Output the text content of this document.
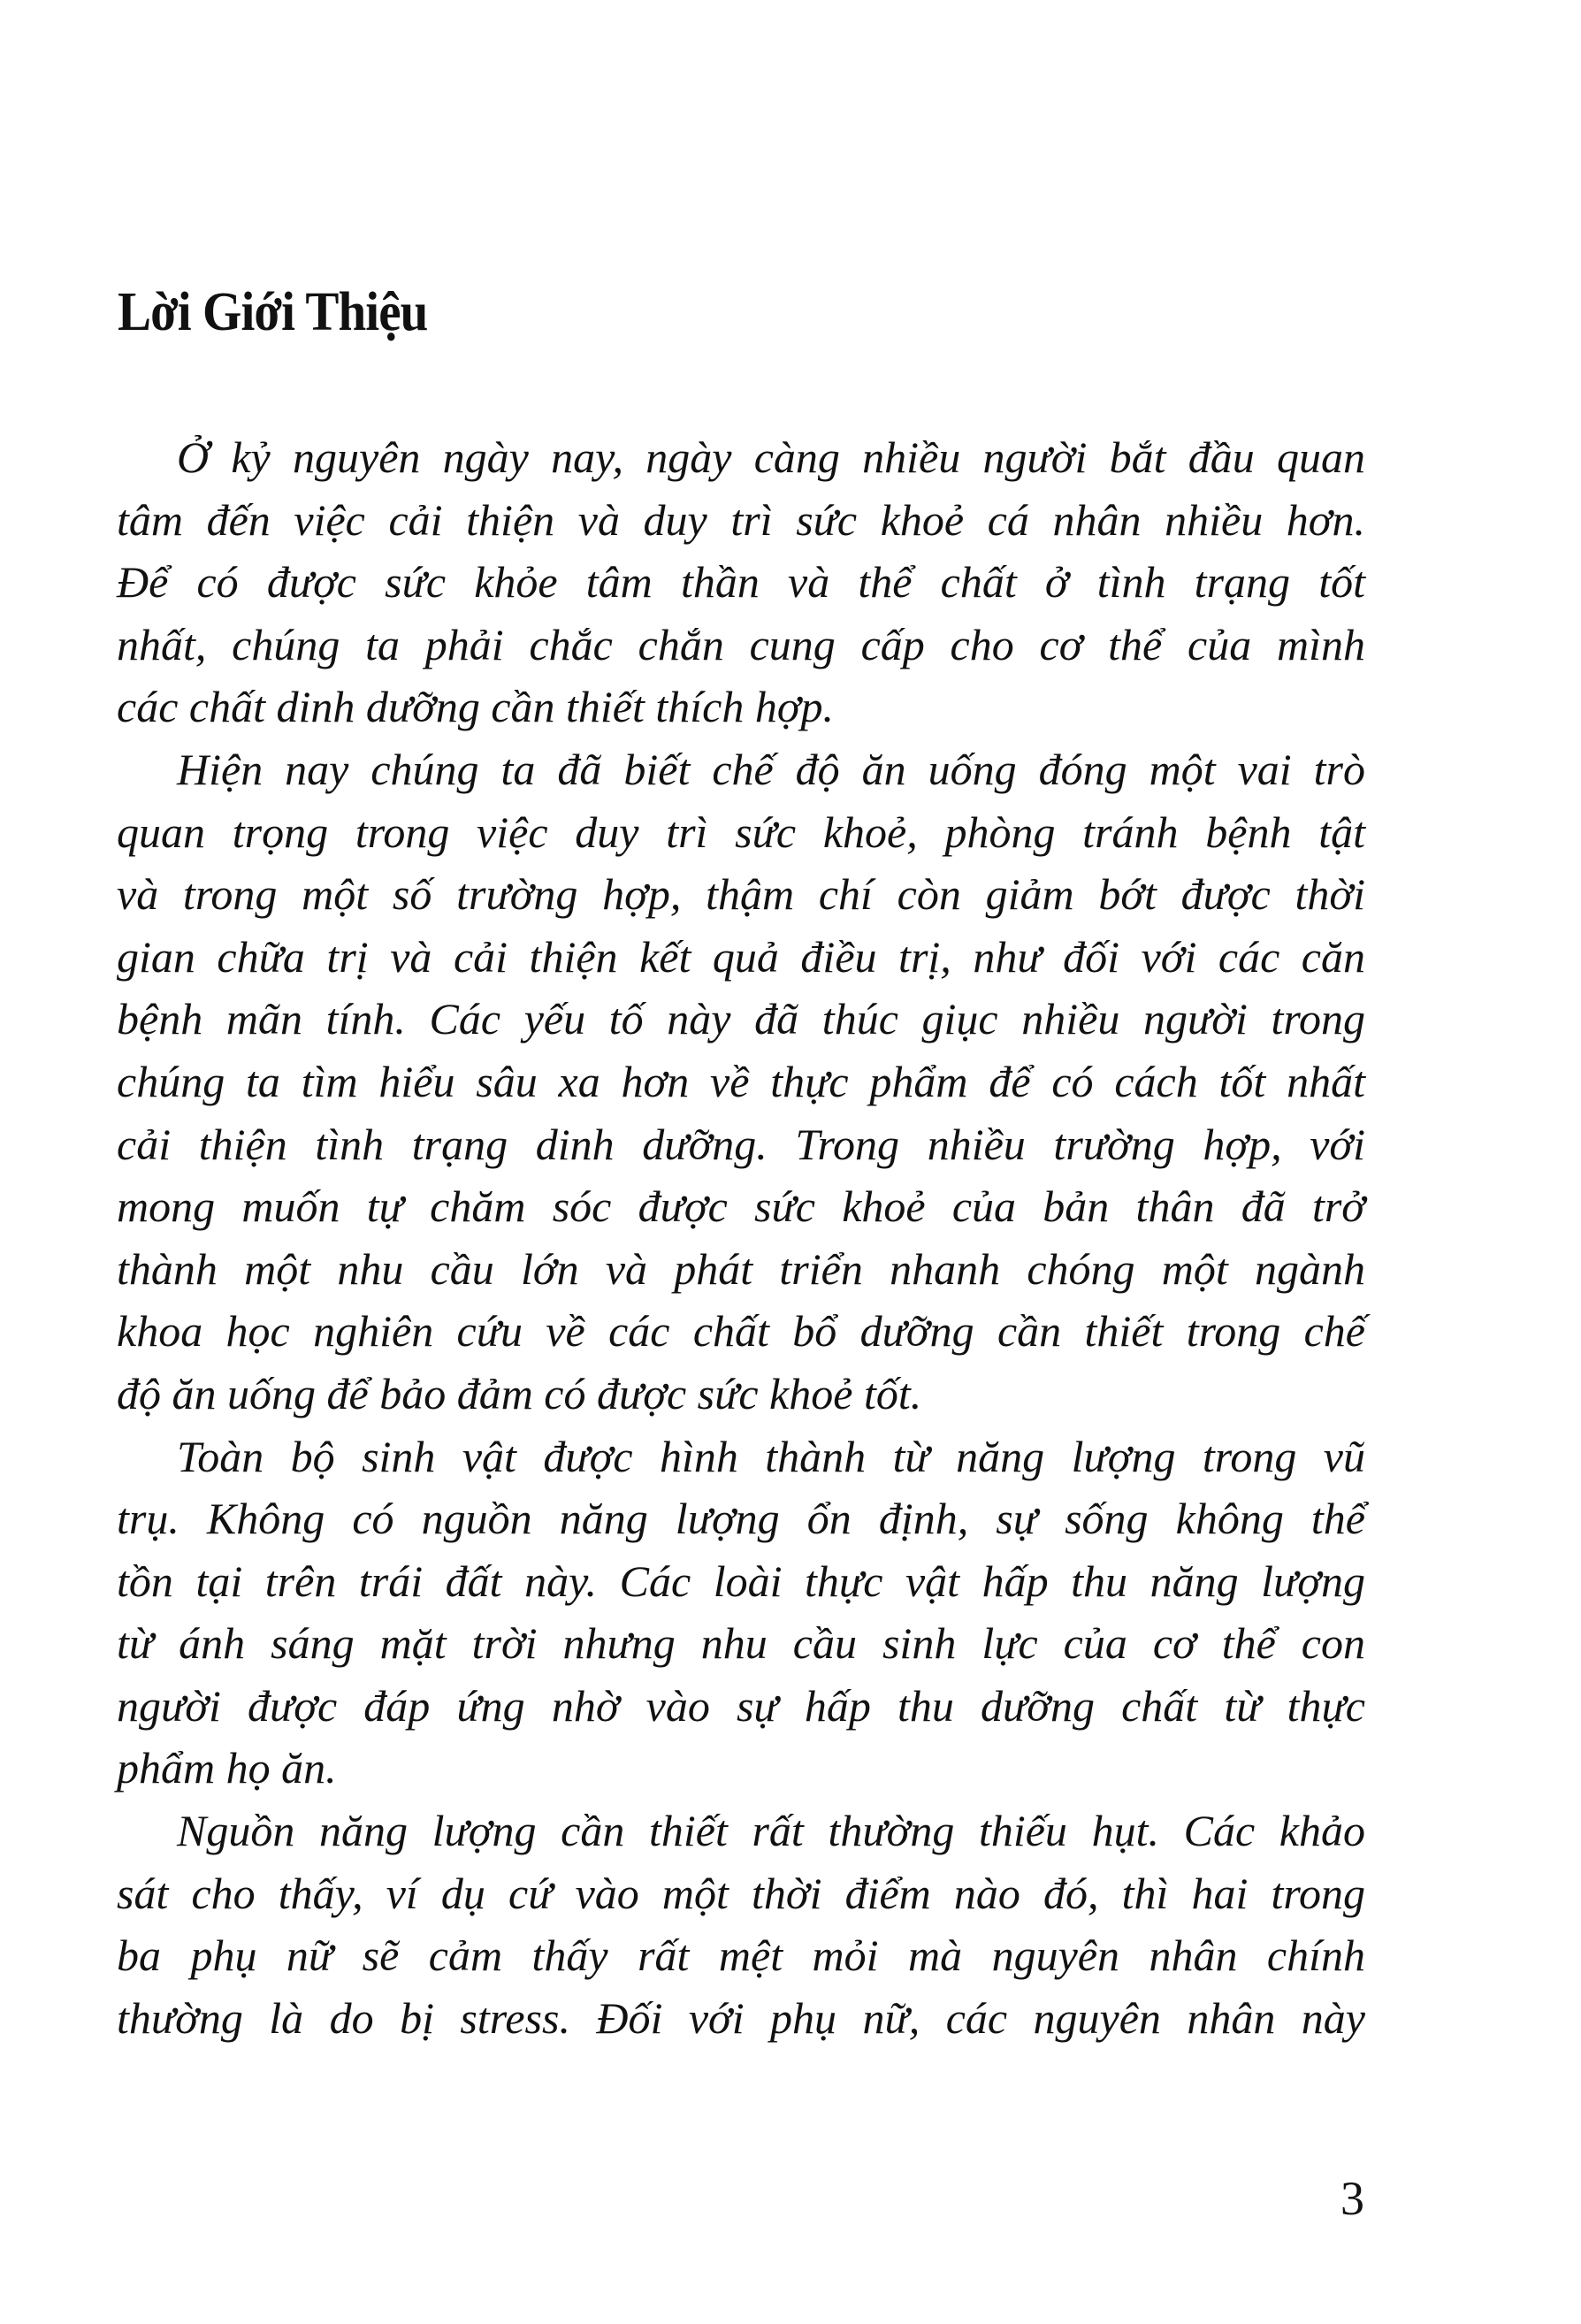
Lời Giới Thiệu
Ở kỷ nguyên ngày nay, ngày càng nhiều người bắt đầu quan
tâm đến việc cải thiện và duy trì sức khoẻ cá nhân nhiều hơn.
Để có được sức khỏe tâm thần và thể chất ở tình trạng tốt
nhất, chúng ta phải chắc chắn cung cấp cho cơ thể của mình
các chất dinh dưỡng cần thiết thích hợp.
Hiện nay chúng ta đã biết chế độ ăn uống đóng một vai trò
quan trọng trong việc duy trì sức khoẻ, phòng tránh bệnh tật
và trong một số trường hợp, thậm chí còn giảm bớt được thời
gian chữa trị và cải thiện kết quả điều trị, như đối với các căn
bệnh mãn tính. Các yếu tố này đã thúc giục nhiều người trong
chúng ta tìm hiểu sâu xa hơn về thực phẩm để có cách tốt nhất
cải thiện tình trạng dinh dưỡng. Trong nhiều trường hợp, với
mong muốn tự chăm sóc được sức khoẻ của bản thân đã trở
thành một nhu cầu lớn và phát triển nhanh chóng một ngành
khoa học nghiên cứu về các chất bổ dưỡng cần thiết trong chế
độ ăn uống để bảo đảm có được sức khoẻ tốt.
Toàn bộ sinh vật được hình thành từ năng lượng trong vũ
trụ. Không có nguồn năng lượng ổn định, sự sống không thể
tồn tại trên trái đất này. Các loài thực vật hấp thu năng lượng
từ ánh sáng mặt trời nhưng nhu cầu sinh lực của cơ thể con
người được đáp ứng nhờ vào sự hấp thu dưỡng chất từ thực
phẩm họ ăn.
Nguồn năng lượng cần thiết rất thường thiếu hụt. Các khảo
sát cho thấy, ví dụ cứ vào một thời điểm nào đó, thì hai trong
ba phụ nữ sẽ cảm thấy rất mệt mỏi mà nguyên nhân chính
thường là do bị stress. Đối với phụ nữ, các nguyên nhân này
3
